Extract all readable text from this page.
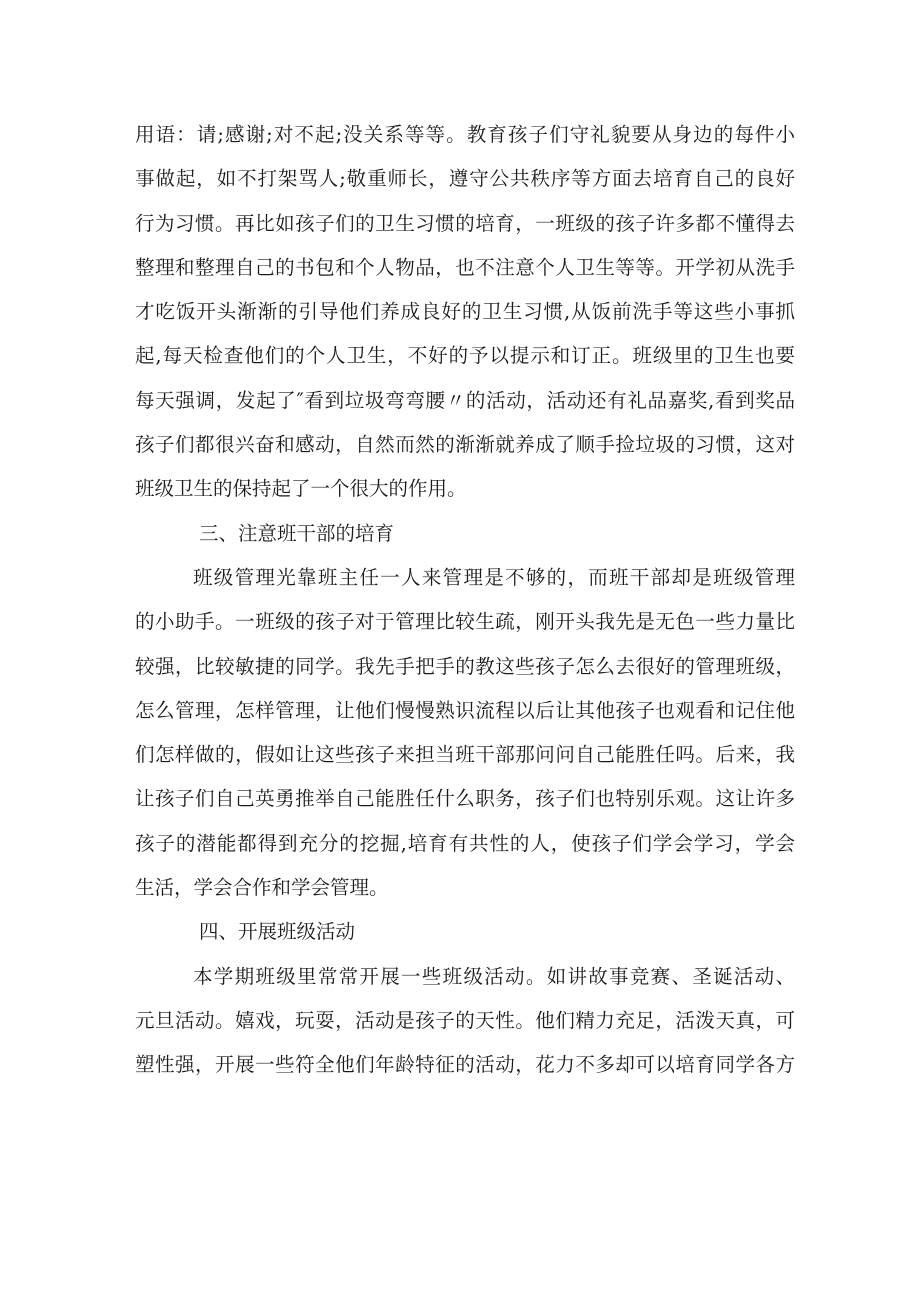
用语：请;感谢;对不起;没关系等等。教育孩子们守礼貌要从身边的每件小
事做起，如不打架骂人;敬重师长，遵守公共秩序等方面去培育自己的良好
行为习惯。再比如孩子们的卫生习惯的培育，一班级的孩子许多都不懂得去
整理和整理自己的书包和个人物品，也不注意个人卫生等等。开学初从洗手
才吃饭开头渐渐的引导他们养成良好的卫生习惯,从饭前洗手等这些小事抓
起,每天检查他们的个人卫生，不好的予以提示和订正。班级里的卫生也要
每天强调，发起了″看到垃圾弯弯腰〃的活动，活动还有礼品嘉奖,看到奖品
孩子们都很兴奋和感动，自然而然的渐渐就养成了顺手捡垃圾的习惯，这对
班级卫生的保持起了一个很大的作用。
三、注意班干部的培育
班级管理光靠班主任一人来管理是不够的，而班干部却是班级管理
的小助手。一班级的孩子对于管理比较生疏，刚开头我先是无色一些力量比
较强，比较敏捷的同学。我先手把手的教这些孩子怎么去很好的管理班级，
怎么管理，怎样管理，让他们慢慢熟识流程以后让其他孩子也观看和记住他
们怎样做的，假如让这些孩子来担当班干部那问问自己能胜任吗。后来，我
让孩子们自己英勇推举自己能胜任什么职务，孩子们也特别乐观。这让许多
孩子的潜能都得到充分的挖掘,培育有共性的人，使孩子们学会学习，学会
生活，学会合作和学会管理。
四、开展班级活动
本学期班级里常常开展一些班级活动。如讲故事竞赛、圣诞活动、
元旦活动。嬉戏，玩耍，活动是孩子的天性。他们精力充足，活泼天真，可
塑性强，开展一些符全他们年龄特征的活动，花力不多却可以培育同学各方
